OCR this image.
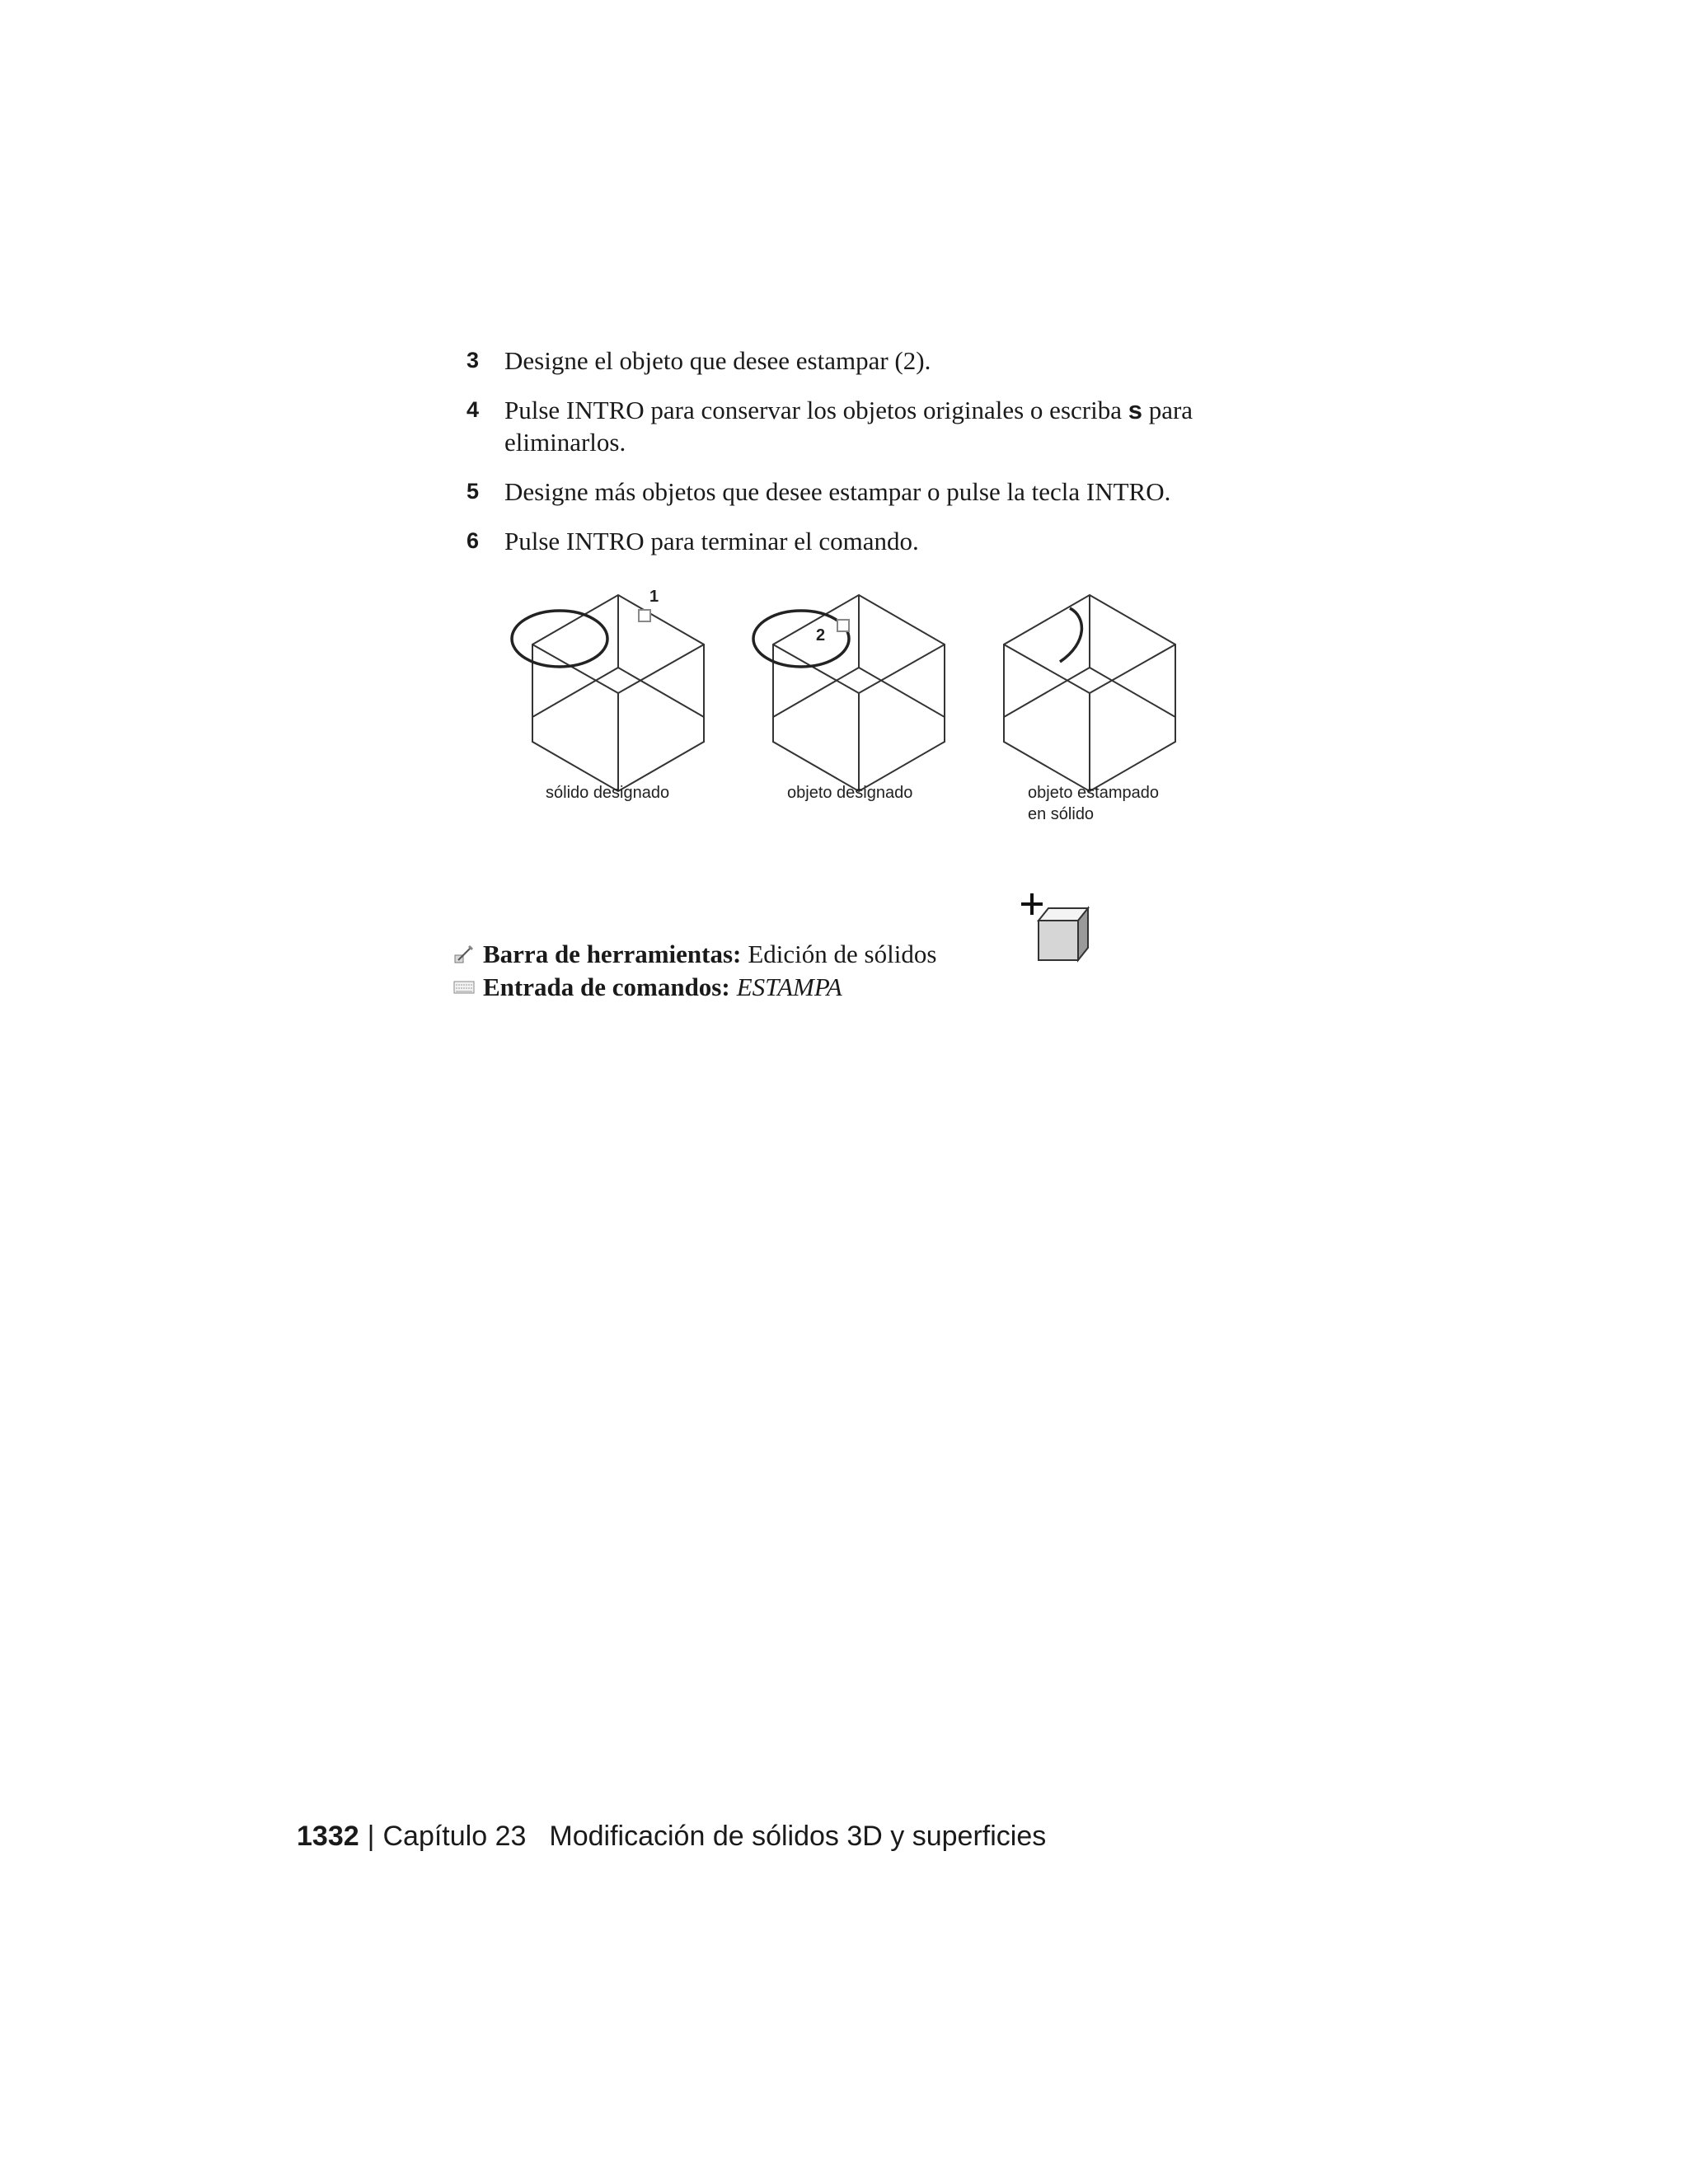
3 Designe el objeto que desee estampar (2).
4 Pulse INTRO para conservar los objetos originales o escriba s para eliminarlos.
5 Designe más objetos que desee estampar o pulse la tecla INTRO.
6 Pulse INTRO para terminar el comando.
1
2
sólido designado	objeto designado	objeto estampado
en sólido
Barra de herramientas: Edición de sólidos
Entrada de comandos: ESTAMPA
1332 | Capítulo 23 Modificación de sólidos 3D y superficies
